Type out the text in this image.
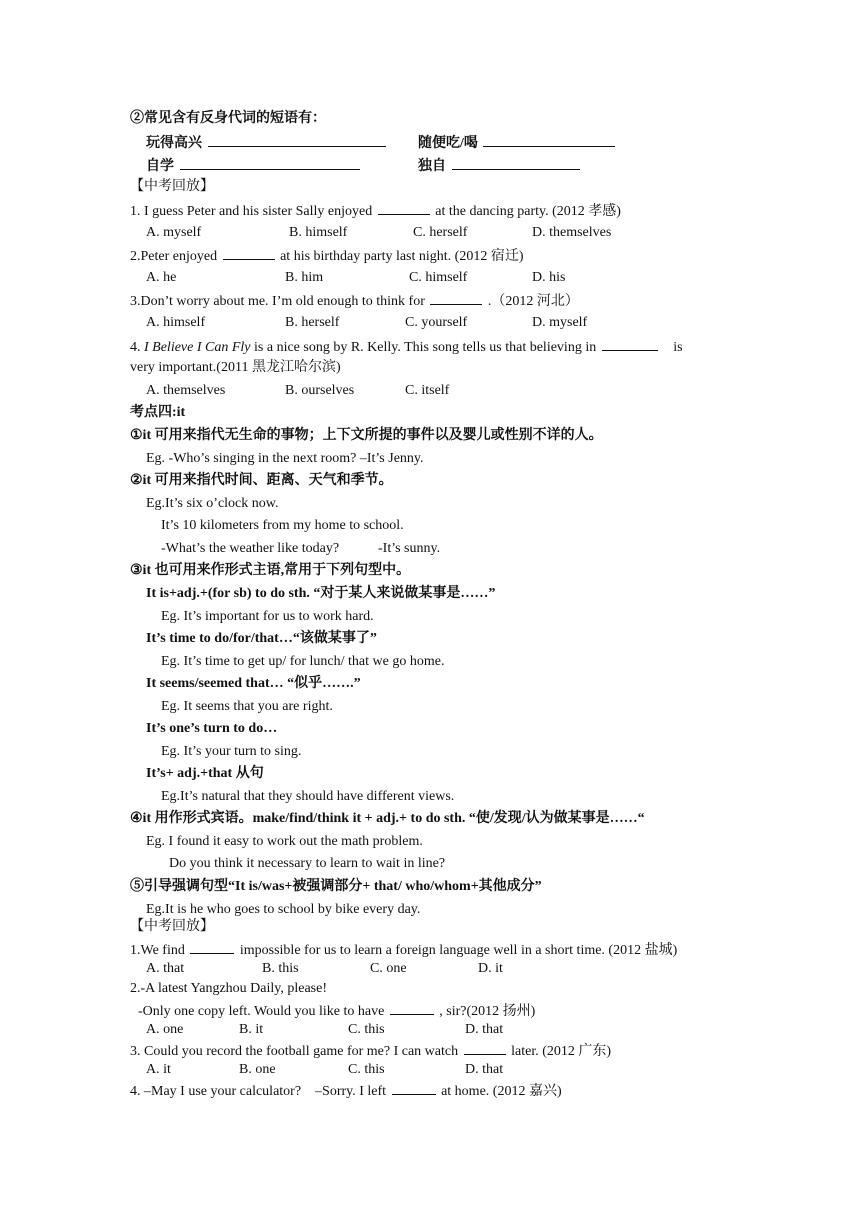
②常见含有反身代词的短语有：
玩得高兴	随便吃/喝
自学	独自
【中考回放】
1. I guess Peter and his sister Sally enjoyed	at the dancing party. (2012 孝感)
A. myself	B. himself	C. herself	D. themselves
2.Peter enjoyed	at his birthday party last night. (2012 宿迁)
A. he	B. him	C. himself	D. his
3.Don’t worry about me. I’m old enough to think for	.（2012 河北）
A. himself	B. herself	C. yourself	D. myself
4. I Believe I Can Fly is a nice song by R. Kelly. This song tells us that believing in	is
very important.(2011 黑龙江哈尔滨)
A. themselves	B. ourselves	C. itself
考点四:it
①it 可用来指代无生命的事物；上下文所提的事件以及婴儿或性别不详的人。
Eg. -Who’s singing in the next room? –It’s Jenny.
②it 可用来指代时间、距离、天气和季节。
Eg.It’s six o’clock now.
It’s 10 kilometers from my home to school.
-What’s the weather like today?	-It’s sunny.
③it 也可用来作形式主语,常用于下列句型中。
It is+adj.+(for sb) to do sth. “对于某人来说做某事是……”
Eg. It’s important for us to work hard.
It’s time to do/for/that…“该做某事了”
Eg. It’s time to get up/ for lunch/ that we go home.
It seems/seemed that… “似乎…….”
Eg. It seems that you are right.
It’s one’s turn to do…
Eg. It’s your turn to sing.
It’s+ adj.+that 从句
Eg.It’s natural that they should have different views.
④it 用作形式宾语。make/find/think it + adj.+ to do sth. “使/发现/认为做某事是……“
Eg. I found it easy to work out the math problem.
Do you think it necessary to learn to wait in line?
⑤引导强调句型“It is/was+被强调部分+ that/ who/whom+其他成分”
Eg.It is he who goes to school by bike every day.
【中考回放】
1.We find	impossible for us to learn a foreign language well in a short time. (2012 盐城)
A. that	B. this	C. one	D. it
2.-A latest Yangzhou Daily, please!
-Only one copy left. Would you like to have	, sir?(2012 扬州)
A. one	B. it	C. this	D. that
3. Could you record the football game for me? I can watch	later. (2012 广东)
A. it	B. one	C. this	D. that
4. –May I use your calculator?    –Sorry. I left	at home. (2012 嘉兴)
